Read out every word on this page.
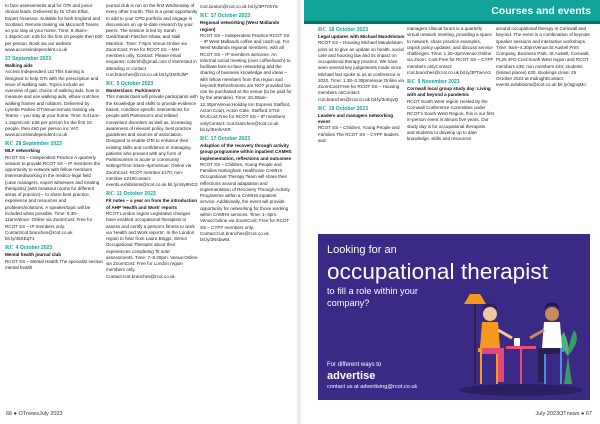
to face assessments and for OTs and junior clinical leads. Delivered by Dr Chris Elliot, Expert Assessor. Suitable for both England and Scotland. Remote training via Microsoft Teams so you stay at your home. Time: 9.45am–1.35pmCost: £36 for the first 10 people then £60 per person. Book via our website www.accessindependent.co.uk

27 September 2023

Walking aids

Access Independent Ltd This training is designed to help OTs with the prescription and issue of walking aids. Topics include an overview of gait, choice of walking aids, how to measure and use walking aids, elbow crutches walking frames and rollators. Delivered by Lynette Parkes OTVenue:remote training via Teams – you stay at your home. Time: 9.41am–1.15pmCost: £36 per person for the first 10 people, then £60 per person inc VAT. www.accessindependent.co.uk

RC 28 September 2023

MLF networking

RCOT SS – Independent Practice A quarterly session to provide RCOT SS – IP members the opportunity to network with fellow members interested/working in the medico-legal field (case managers, expert witnesses and treating therapists) (with breakout rooms for different areas of practice) – to share best practice, experience and resources and problems/solutions. A speaker/topic will be included when possible. Time: 9.30–11amVenue: Online via ZoomCost: Free for RCOT SS – IP members only. Contactrcot.branches@rcot.co.uk bit.ly/45XEqT1

RC 4 October 2023

Mental health journal club

RCOT SS – Mental Health The specialist section mental health

journal club is run on the first Wednesday of every other month. This is a great opportunity to add to your CPD portfolio and engage in discussions on up-to-date research by your peers. The session is led by Sarah Gavil/Sarah Fletcher-Shaw, and Niall Mannion. Time: 7-8pm Venue:Online via ZoomCost: Free for RCOT SS – MH members only. Contact: Please email enquiries: cotsmh@gmail.com If interested in attending or contact rcot.branches@rcot.co.uk bit.ly/3X0hJhP

RC 5 October 2023

Masterclass: Parkinson's

This masterclass will provide participants with the knowledge and skills to provide evidence based, condition specific interventions for people with Parkinson's and related movement disorders as well as, increasing awareness of relevant policy, best practice guidelines and sources of association. Designed to enable OTs to enhance their existing skills and confidence in managing patients who present with any form of Parkinsonism in acute or community settingsTime:10am–4pmVenue: Online via ZoomCost: RCOT member £170; non-member £218Contact: events.exhibitions@rcot.co.uk bit.ly/44y8NG3

RC 11 October 2023

Fit notes – a year on from the introduction of AHP 'Health and Work' reports

RCOT London region Legislative changes have enabled occupational therapists to assess and certify a person's fitness to work via 'Health and Work reports'. In the London region to hear from Laura Briggs, Senior Occupational Therapist about their experiences completing 'fit note' assessments. Time: 7–8.30pm. Venue:Online via ZoomCost: Free for London region members only. Contact:rcot.branches@rcot.co.uk

rcot.london@rcot.co.uk bit.ly/3PT0hY5

RC 17 October 2023

Regional networking (West Midlands region)

RCOT SS – Independent Practice RCOT SS – IP West Midlands coffee and catch-up. For West Midlands regional members, with all RCOT SS – IP members welcome. An informal social meeting (over coffee/lunch) to facilitate face-to-face networking and the sharing of business knowledge and ideas – with fellow members from this region and beyond! Refreshments are NOT provided but can be purchased at the venue (to be paid for by the attendee). Time: 10.30am–12.30pmVenue:Holiday Inn Express Stafford, Acton Court, Acton Gate, Stafford ST18 9AJCost:Free for RCOT SS – IP members onlyContact: rcot.branches@rcot.co.uk bit.ly/3Hn5AKR

RC 17 October 2023

Adaption of the recovery through activity group programme within inpatient CAMHS implementation, reflections and outcomes

RCOT SS – Children, Young People and Families Nottingham Healthcare CAMHS Occupational Therapy Team will share their reflections around adaptation and implementation of Recovery Through Activity Programme within a CAMHS inpatient service. Additionally, the event will provide opportunity for networking for those working within CAMHS services. Time: 1–3pm. Venue:Online via ZoomCost: Free for RCOT SS – CYPF members only. Contact:rcot.branches@rcot.co.uk bit.ly/3Nsbw64

66 ● OTnewsJuly 2023
Courses and events
RC 18 October 2023

Legal updates with Michael Mandelstam

RCOT SS – Housing Michael Mandelstam joins us to give an update on health, social care and housing law and its impact on occupational therapy practice. We have seen several key judgements made since Michael last spoke to us at conference in 2020. Time: 1.30–3.30pmVenue:Online via ZoomCost:Free for RCOT SS – Housing members onContact: rcot.branches@rcot.co.uk bit.ly/3otUjvQ

RC 19 October 2023

Leaders and managers networking event

RCOT SS – Children, Young People and Families The RCOT SS – CYPF leaders and

managers clinical forum is a quarterly virtual network meeting, providing a space to network, share practice examples, unpick policy updates, and discuss service challenges. Time: 1.30–3pmVenue:Online via Zoom. Cost:Free for RCOT SS – CYPF members onlyContact: rcot.branches@rcot.co.uk bit.ly/3PTwAA3

RC 9 November 2023

Cornwall local group study day: Living with and beyond a pandemic

RCOT South West region Hosted by the Cornwall Conference Committee under RCOT's South West Region, this is our first in-person event in almost five years. Our study day is for occupational therapists and students to develop up to date knowledge, skills and resources

around occupational therapy in Cornwall and beyond. The event is a combination of keynote speaker sessions and interactive workshops. Time: 9am–4.30pmVenue:St Austell Print Company, Business Park, St Austell, Cornwall, PL25 4FD.Cost:South West region and RCOT members £35; non members £40; students (limited places) £30. Bookings close: 25 October 2023 at midnightContact: events.exhibitions@rcot.co.uk bit.ly/3qjnqMo

Looking for an
occupational therapist
to fill a role within your company?
For different ways to
advertise
contact us at advertising@rcot.co.uk
July 2023OTnews ● 67
